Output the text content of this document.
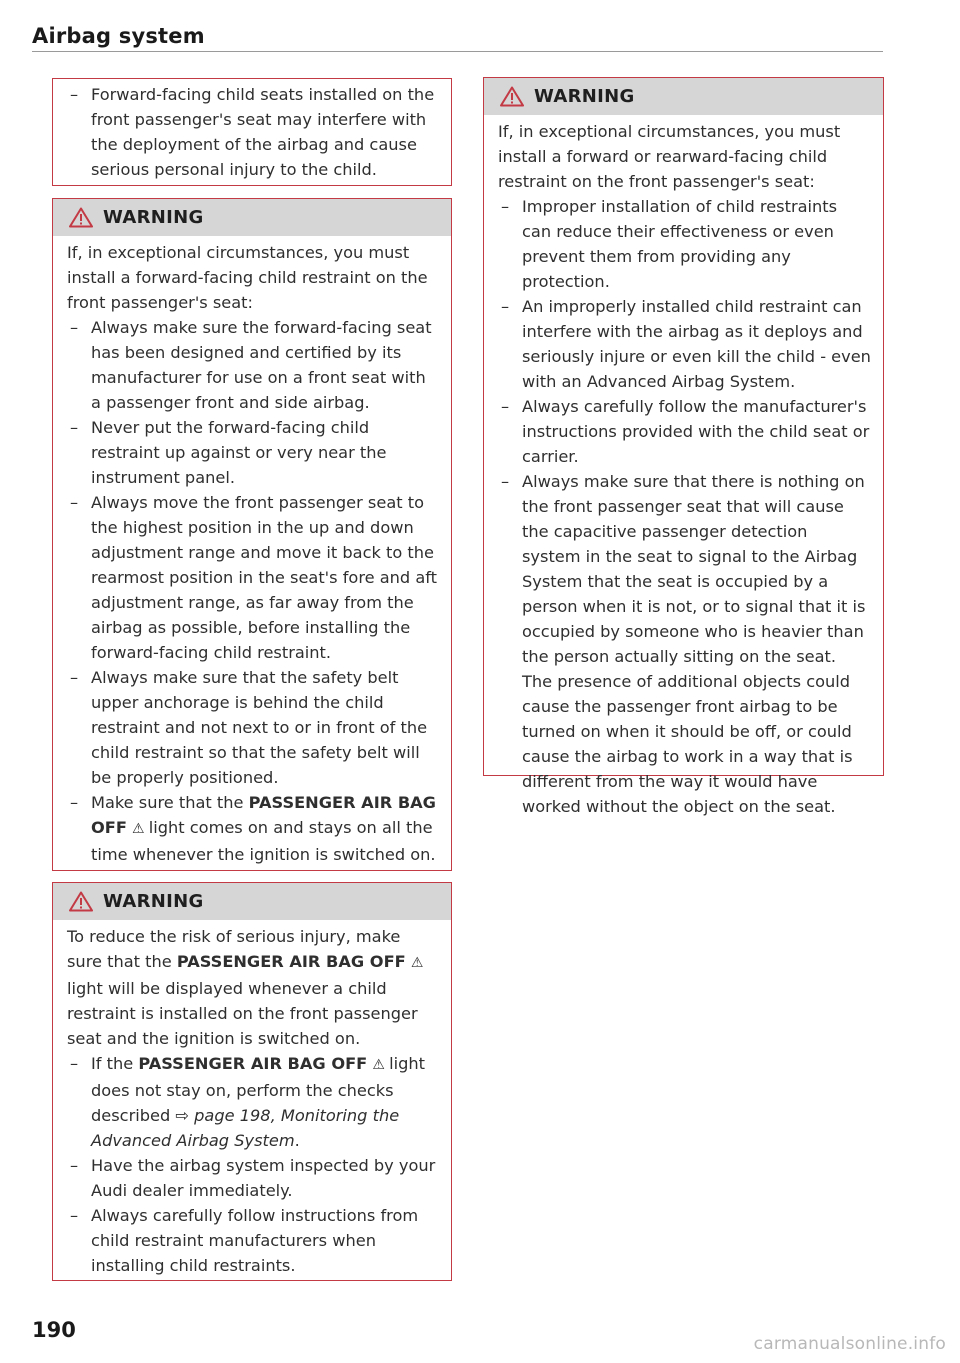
Airbag system
– Forward-facing child seats installed on the front passenger's seat may interfere with the deployment of the airbag and cause serious personal injury to the child.
WARNING

If, in exceptional circumstances, you must install a forward-facing child restraint on the front passenger's seat:

– Always make sure the forward-facing seat has been designed and certified by its manufacturer for use on a front seat with a passenger front and side airbag.
– Never put the forward-facing child restraint up against or very near the instrument panel.
– Always move the front passenger seat to the highest position in the up and down adjustment range and move it back to the rearmost position in the seat's fore and aft adjustment range, as far away from the airbag as possible, before installing the forward-facing child restraint.
– Always make sure that the safety belt upper anchorage is behind the child restraint and not next to or in front of the child restraint so that the safety belt will be properly positioned.
– Make sure that the PASSENGER AIR BAG OFF ⚠ light comes on and stays on all the time whenever the ignition is switched on.
WARNING

To reduce the risk of serious injury, make sure that the PASSENGER AIR BAG OFF ⚠ light will be displayed whenever a child restraint is installed on the front passenger seat and the ignition is switched on.

– If the PASSENGER AIR BAG OFF ⚠ light does not stay on, perform the checks described ⇨ page 198, Monitoring the Advanced Airbag System.
– Have the airbag system inspected by your Audi dealer immediately.
– Always carefully follow instructions from child restraint manufacturers when installing child restraints.
WARNING

If, in exceptional circumstances, you must install a forward or rearward-facing child restraint on the front passenger's seat:

– Improper installation of child restraints can reduce their effectiveness or even prevent them from providing any protection.
– An improperly installed child restraint can interfere with the airbag as it deploys and seriously injure or even kill the child - even with an Advanced Airbag System.
– Always carefully follow the manufacturer's instructions provided with the child seat or carrier.
– Always make sure that there is nothing on the front passenger seat that will cause the capacitive passenger detection system in the seat to signal to the Airbag System that the seat is occupied by a person when it is not, or to signal that it is occupied by someone who is heavier than the person actually sitting on the seat. The presence of additional objects could cause the passenger front airbag to be turned on when it should be off, or could cause the airbag to work in a way that is different from the way it would have worked without the object on the seat.
190
carmanualsonline.info
